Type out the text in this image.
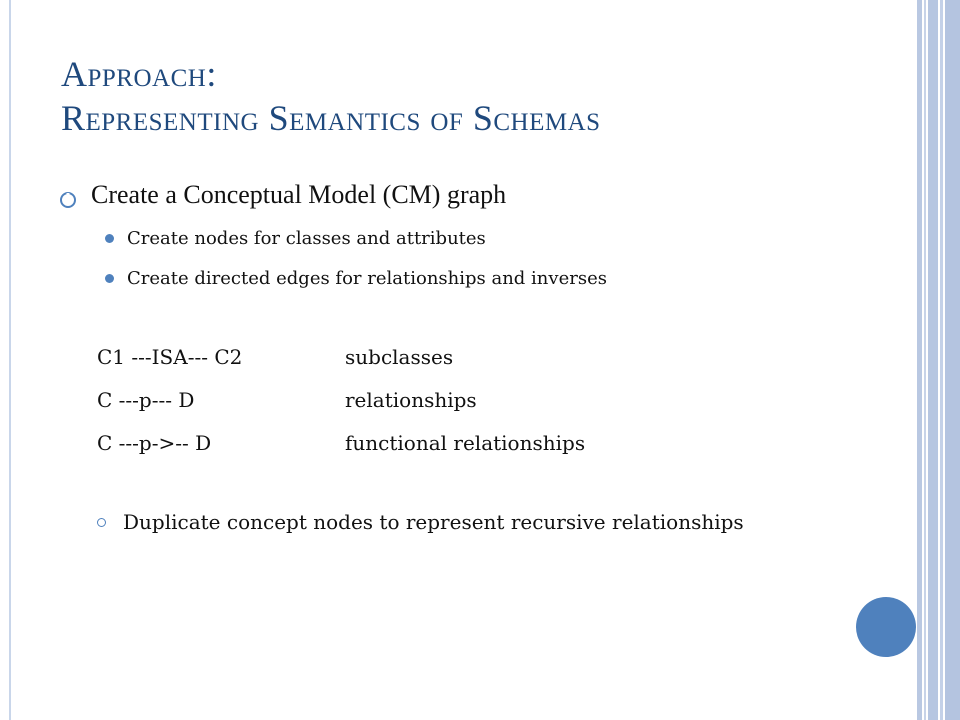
Approach:
Representing Semantics of Schemas
Create a Conceptual Model (CM) graph
Create nodes for classes and attributes
Create directed edges for relationships and inverses
C1 ---ISA--- C2	subclasses
C ---p--- D	relationships
C ---p->-- D	functional relationships
Duplicate concept nodes to represent recursive relationships
